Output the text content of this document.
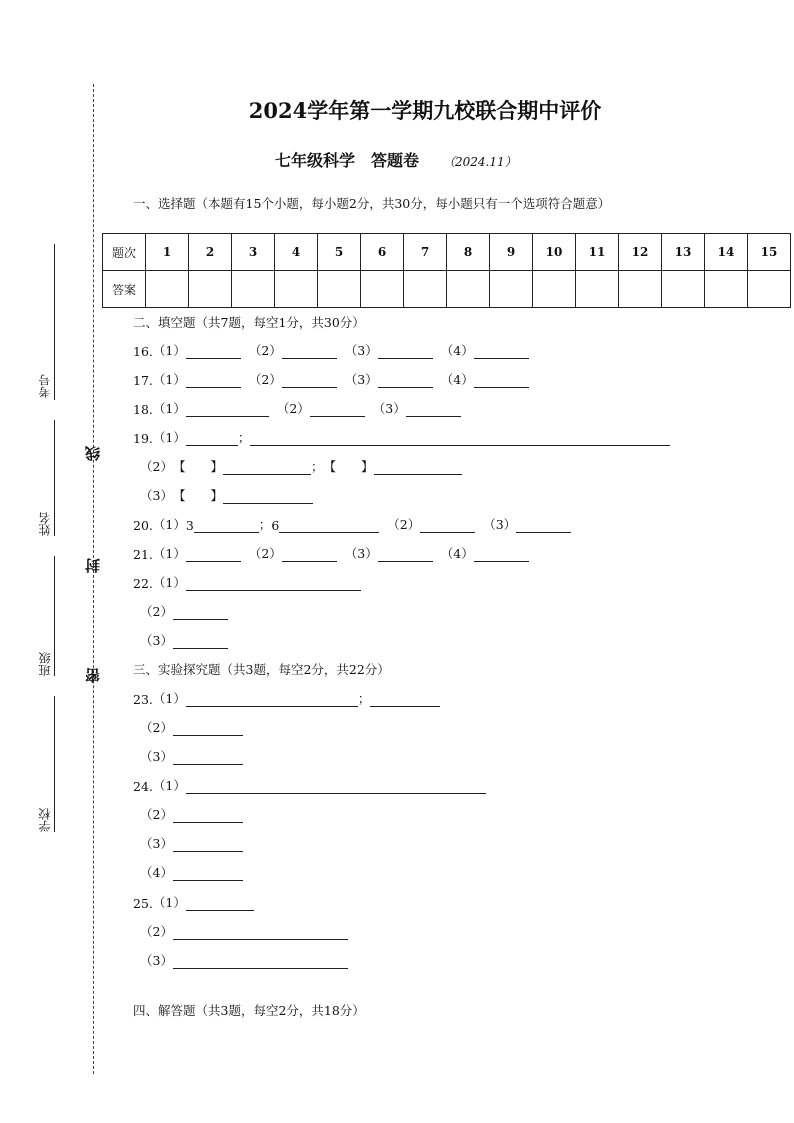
考号
姓名
班级
学校
线
封
密
2024学年第一学期九校联合期中评价
七年级科学　答题卷 （2024.11）
一、选择题（本题有15个小题，每小题2分，共30分，每小题只有一个选项符合题意）
题次	1	2	3	4	5	6	7	8	9	10	11	12	13	14	15
答案															
二、填空题（共7题，每空1分，共30分）
16.（1）	（2）	（3）	（4）
17.（1）	（2）	（3）	（4）
18.（1）	（2）	（3）
19.（1）	；
（2）【　　】	；【　　】
（3）【　　】
20.（1）3	；6	（2）	（3）
21.（1）	（2）	（3）	（4）
22.（1）
（2）
（3）
三、实验探究题（共3题，每空2分，共22分）
23.（1）	；
（2）
（3）
24.（1）
（2）
（3）
（4）
25.（1）
（2）
（3）
四、解答题（共3题，每空2分，共18分）
